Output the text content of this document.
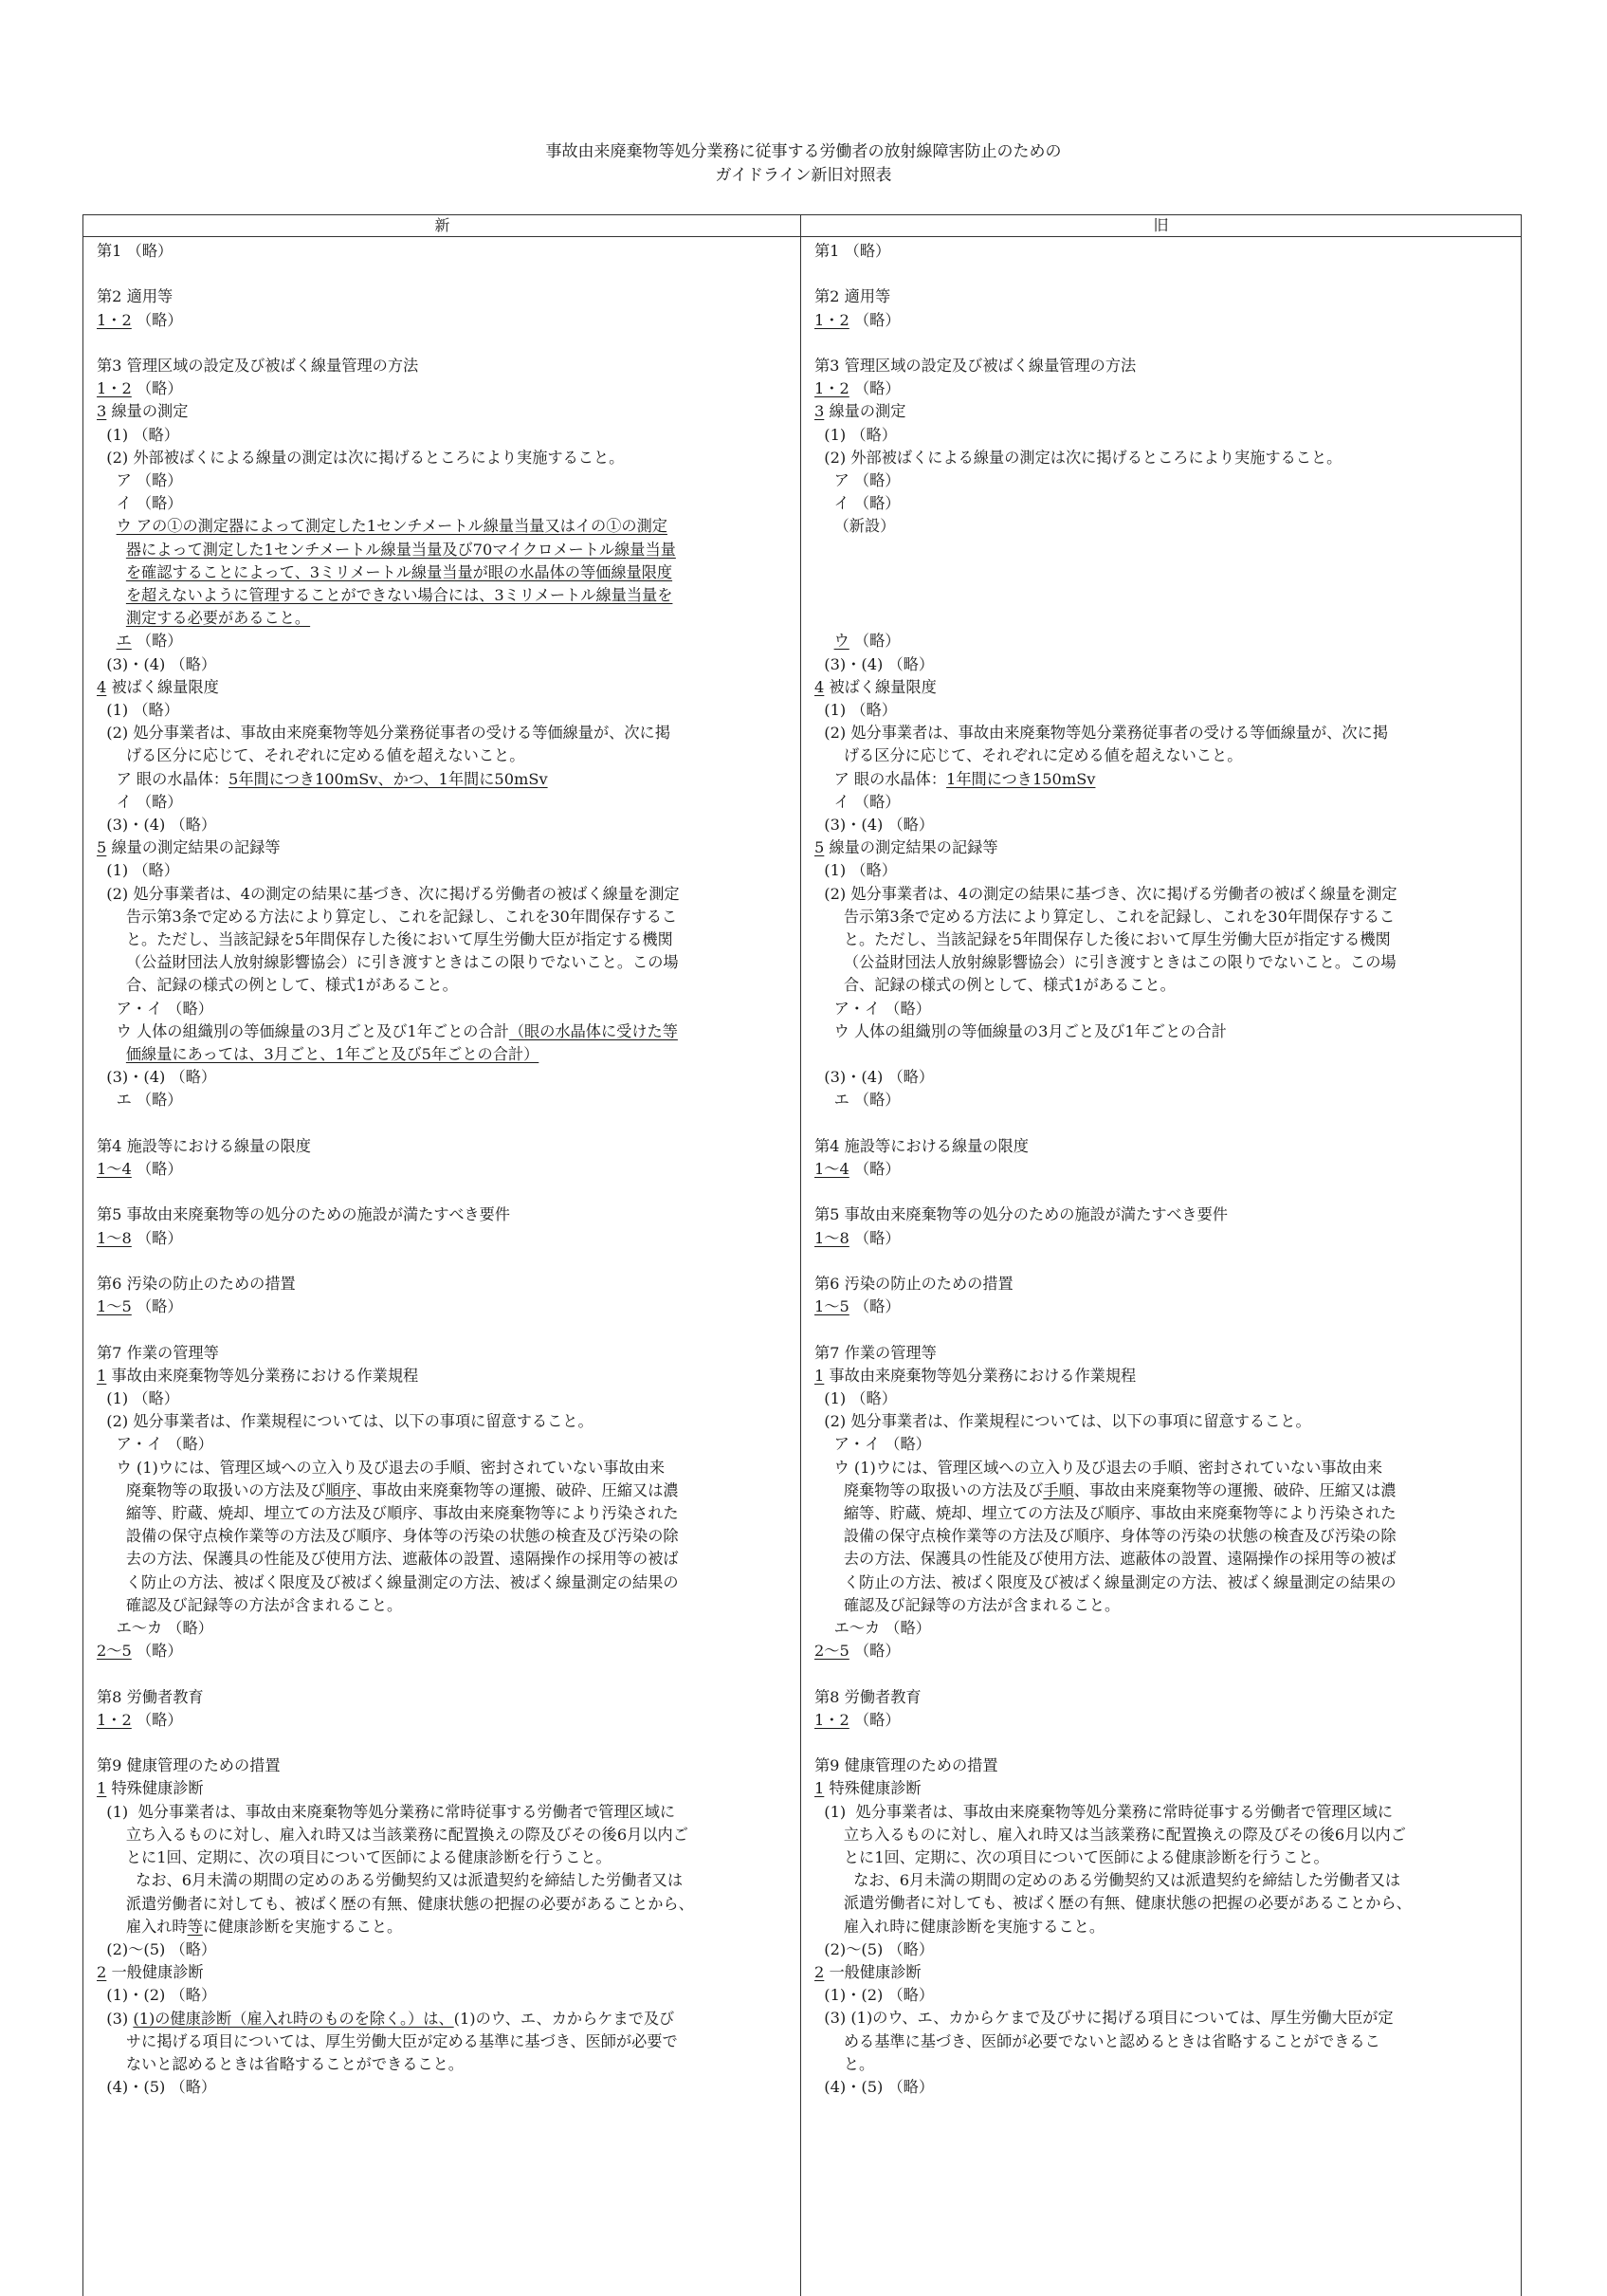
事故由来廃棄物等処分業務に従事する労働者の放射線障害防止のための
ガイドライン新旧対照表
新	旧
第1 （略）
第2 適用等
1・2 （略）
第3 管理区域の設定及び被ばく線量管理の方法
1・2 （略）
3 線量の測定
(1) （略）
(2) 外部被ばくによる線量の測定は次に掲げるところにより実施すること。
ア （略）
イ （略）
ウ アの①の測定器によって測定した1センチメートル線量当量又はイの①の測定
器によって測定した1センチメートル線量当量及び70マイクロメートル線量当量
を確認することによって、3ミリメートル線量当量が眼の水晶体の等価線量限度
を超えないように管理することができない場合には、3ミリメートル線量当量を
測定する必要があること。
エ （略）
(3)・(4) （略）
4 被ばく線量限度
(1) （略）
(2) 処分事業者は、事故由来廃棄物等処分業務従事者の受ける等価線量が、次に掲
げる区分に応じて、それぞれに定める値を超えないこと。
ア 眼の水晶体：5年間につき100mSv、かつ、1年間に50mSv
イ （略）
(3)・(4) （略）
5 線量の測定結果の記録等
(1) （略）
(2) 処分事業者は、4の測定の結果に基づき、次に掲げる労働者の被ばく線量を測定
告示第3条で定める方法により算定し、これを記録し、これを30年間保存するこ
と。ただし、当該記録を5年間保存した後において厚生労働大臣が指定する機関
（公益財団法人放射線影響協会）に引き渡すときはこの限りでないこと。この場
合、記録の様式の例として、様式1があること。
ア・イ （略）
ウ 人体の組織別の等価線量の3月ごと及び1年ごとの合計（眼の水晶体に受けた等
価線量にあっては、3月ごと、1年ごと及び5年ごとの合計）
(3)・(4) （略）
エ （略）
第4 施設等における線量の限度
1～4 （略）
第5 事故由来廃棄物等の処分のための施設が満たすべき要件
1～8 （略）
第6 汚染の防止のための措置
1～5 （略）
第7 作業の管理等
1 事故由来廃棄物等処分業務における作業規程
(1) （略）
(2) 処分事業者は、作業規程については、以下の事項に留意すること。
ア・イ （略）
ウ (1)ウには、管理区域への立入り及び退去の手順、密封されていない事故由来
廃棄物等の取扱いの方法及び順序、事故由来廃棄物等の運搬、破砕、圧縮又は濃
縮等、貯蔵、焼却、埋立ての方法及び順序、事故由来廃棄物等により汚染された
設備の保守点検作業等の方法及び順序、身体等の汚染の状態の検査及び汚染の除
去の方法、保護具の性能及び使用方法、遮蔽体の設置、遠隔操作の採用等の被ば
く防止の方法、被ばく限度及び被ばく線量測定の方法、被ばく線量測定の結果の
確認及び記録等の方法が含まれること。
エ～カ （略）
2～5 （略）
第8 労働者教育
1・2 （略）
第9 健康管理のための措置
1 特殊健康診断
(1)  処分事業者は、事故由来廃棄物等処分業務に常時従事する労働者で管理区域に
立ち入るものに対し、雇入れ時又は当該業務に配置換えの際及びその後6月以内ご
とに1回、定期に、次の項目について医師による健康診断を行うこと。
なお、6月未満の期間の定めのある労働契約又は派遣契約を締結した労働者又は
派遣労働者に対しても、被ばく歴の有無、健康状態の把握の必要があることから、
雇入れ時等に健康診断を実施すること。
(2)～(5) （略）
2 一般健康診断
(1)・(2) （略）
(3) (1)の健康診断（雇入れ時のものを除く。）は、(1)のウ、エ、カからケまで及び
サに掲げる項目については、厚生労働大臣が定める基準に基づき、医師が必要で
ないと認めるときは省略することができること。
(4)・(5) （略）
第1 （略）
第2 適用等
1・2 （略）
第3 管理区域の設定及び被ばく線量管理の方法
1・2 （略）
3 線量の測定
(1) （略）
(2) 外部被ばくによる線量の測定は次に掲げるところにより実施すること。
ア （略）
イ （略）
（新設）
ウ （略）
(3)・(4) （略）
4 被ばく線量限度
(1) （略）
(2) 処分事業者は、事故由来廃棄物等処分業務従事者の受ける等価線量が、次に掲
げる区分に応じて、それぞれに定める値を超えないこと。
ア 眼の水晶体：1年間につき150mSv
イ （略）
(3)・(4) （略）
5 線量の測定結果の記録等
(1) （略）
(2) 処分事業者は、4の測定の結果に基づき、次に掲げる労働者の被ばく線量を測定
告示第3条で定める方法により算定し、これを記録し、これを30年間保存するこ
と。ただし、当該記録を5年間保存した後において厚生労働大臣が指定する機関
（公益財団法人放射線影響協会）に引き渡すときはこの限りでないこと。この場
合、記録の様式の例として、様式1があること。
ア・イ （略）
ウ 人体の組織別の等価線量の3月ごと及び1年ごとの合計
(3)・(4) （略）
エ （略）
第4 施設等における線量の限度
1～4 （略）
第5 事故由来廃棄物等の処分のための施設が満たすべき要件
1～8 （略）
第6 汚染の防止のための措置
1～5 （略）
第7 作業の管理等
1 事故由来廃棄物等処分業務における作業規程
(1) （略）
(2) 処分事業者は、作業規程については、以下の事項に留意すること。
ア・イ （略）
ウ (1)ウには、管理区域への立入り及び退去の手順、密封されていない事故由来
廃棄物等の取扱いの方法及び手順、事故由来廃棄物等の運搬、破砕、圧縮又は濃
縮等、貯蔵、焼却、埋立ての方法及び順序、事故由来廃棄物等により汚染された
設備の保守点検作業等の方法及び順序、身体等の汚染の状態の検査及び汚染の除
去の方法、保護具の性能及び使用方法、遮蔽体の設置、遠隔操作の採用等の被ば
く防止の方法、被ばく限度及び被ばく線量測定の方法、被ばく線量測定の結果の
確認及び記録等の方法が含まれること。
エ～カ （略）
2～5 （略）
第8 労働者教育
1・2 （略）
第9 健康管理のための措置
1 特殊健康診断
(1)  処分事業者は、事故由来廃棄物等処分業務に常時従事する労働者で管理区域に
立ち入るものに対し、雇入れ時又は当該業務に配置換えの際及びその後6月以内ご
とに1回、定期に、次の項目について医師による健康診断を行うこと。
なお、6月未満の期間の定めのある労働契約又は派遣契約を締結した労働者又は
派遣労働者に対しても、被ばく歴の有無、健康状態の把握の必要があることから、
雇入れ時に健康診断を実施すること。
(2)～(5) （略）
2 一般健康診断
(1)・(2) （略）
(3) (1)のウ、エ、カからケまで及びサに掲げる項目については、厚生労働大臣が定
める基準に基づき、医師が必要でないと認めるときは省略することができるこ
と。
(4)・(5) （略）
